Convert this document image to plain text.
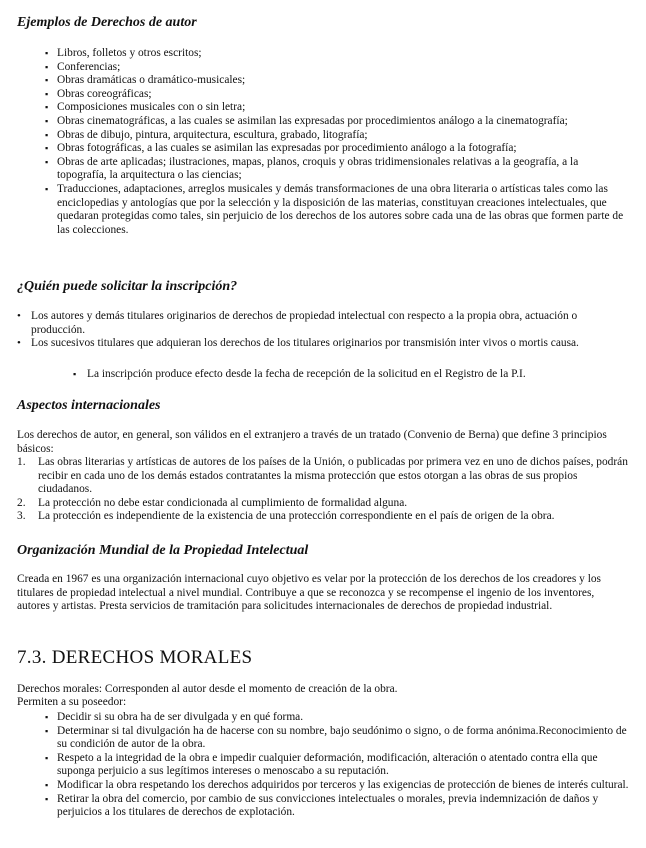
Ejemplos de Derechos de autor
▪ Libros, folletos y otros escritos;
▪ Conferencias;
▪ Obras dramáticas o dramático-musicales;
▪ Obras coreográficas;
▪ Composiciones musicales con o sin letra;
▪ Obras cinematográficas, a las cuales se asimilan las expresadas por procedimientos análogo a la cinematografía;
▪ Obras de dibujo, pintura, arquitectura, escultura, grabado, litografía;
▪ Obras fotográficas, a las cuales se asimilan las expresadas por procedimiento análogo a la fotografía;
▪ Obras de arte aplicadas; ilustraciones, mapas, planos, croquis y obras tridimensionales relativas a la geografía, a la topografía, la arquitectura o las ciencias;
▪ Traducciones, adaptaciones, arreglos musicales y demás transformaciones de una obra literaria o artísticas tales como las enciclopedias y antologías que por la selección y la disposición de las materias, constituyan creaciones intelectuales, que quedaran protegidas como tales, sin perjuicio de los derechos de los autores sobre cada una de las obras que formen parte de las colecciones.
¿Quién puede solicitar la inscripción?
• Los autores y demás titulares originarios de derechos de propiedad intelectual con respecto a la propia obra, actuación o producción.
• Los sucesivos titulares que adquieran los derechos de los titulares originarios por transmisión inter vivos o mortis causa.
▪ La inscripción produce efecto desde la fecha de recepción de la solicitud en el Registro de la P.I.
Aspectos internacionales

Los derechos de autor, en general, son válidos en el extranjero a través de un tratado (Convenio de Berna) que define 3 principios básicos:

1. Las obras literarias y artísticas de autores de los países de la Unión, o publicadas por primera vez en uno de dichos países, podrán recibir en cada uno de los demás estados contratantes la misma protección que estos otorgan a las obras de sus propios ciudadanos.
2. La protección no debe estar condicionada al cumplimiento de formalidad alguna.
3. La protección es independiente de la existencia de una protección correspondiente en el país de origen de la obra.
Organización Mundial de la Propiedad Intelectual

Creada en 1967 es una organización internacional cuyo objetivo es velar por la protección de los derechos de los creadores y los titulares de propiedad intelectual a nivel mundial. Contribuye a que se reconozca y se recompense el ingenio de los inventores, autores y artistas. Presta servicios de tramitación para solicitudes internacionales de derechos de propiedad industrial.

7.3. DERECHOS MORALES

Derechos morales: Corresponden al autor desde el momento de creación de la obra.

Permiten a su poseedor:

▪ Decidir si su obra ha de ser divulgada y en qué forma.
▪ Determinar si tal divulgación ha de hacerse con su nombre, bajo seudónimo o signo, o de forma anónima.Reconocimiento de su condición de autor de la obra.
▪ Respeto a la integridad de la obra e impedir cualquier deformación, modificación, alteración o atentado contra ella que suponga perjuicio a sus legítimos intereses o menoscabo a su reputación.
▪ Modificar la obra respetando los derechos adquiridos por terceros y las exigencias de protección de bienes de interés cultural.
▪ Retirar la obra del comercio, por cambio de sus convicciones intelectuales o morales, previa indemnización de daños y perjuicios a los titulares de derechos de explotación.
